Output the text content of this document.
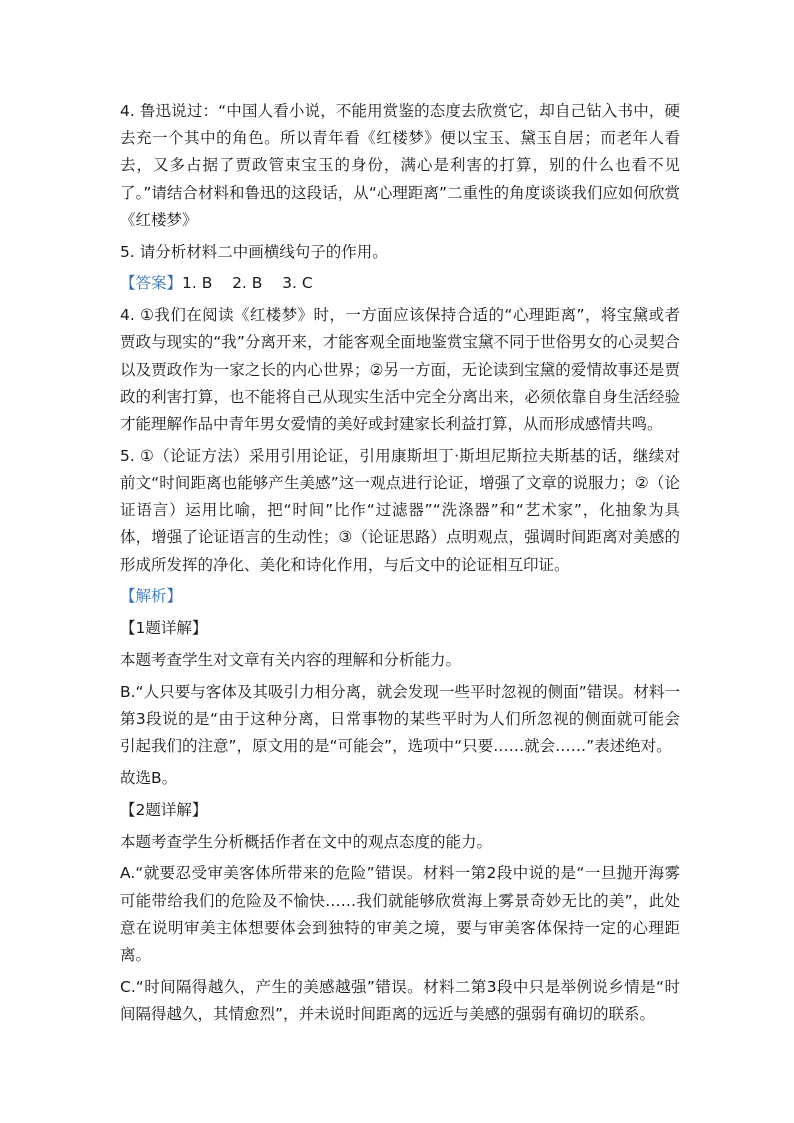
4. 鲁迅说过：“中国人看小说，不能用赏鉴的态度去欣赏它，却自己钻入书中，硬去充一个其中的角色。所以青年看《红楼梦》便以宝玉、黛玉自居；而老年人看去，又多占据了贾政管束宝玉的身份，满心是利害的打算，别的什么也看不见了。”请结合材料和鲁迅的这段话，从“心理距离”二重性的角度谈谈我们应如何欣赏《红楼梦》

5. 请分析材料二中画横线句子的作用。

【答案】1. B    2. B    3. C

4. ①我们在阅读《红楼梦》时，一方面应该保持合适的“心理距离”，将宝黛或者贾政与现实的“我”分离开来，才能客观全面地鉴赏宝黛不同于世俗男女的心灵契合以及贾政作为一家之长的内心世界；②另一方面，无论读到宝黛的爱情故事还是贾政的利害打算，也不能将自己从现实生活中完全分离出来，必须依靠自身生活经验才能理解作品中青年男女爱情的美好或封建家长利益打算，从而形成感情共鸣。

5. ①（论证方法）采用引用论证，引用康斯坦丁·斯坦尼斯拉夫斯基的话，继续对前文“时间距离也能够产生美感”这一观点进行论证，增强了文章的说服力；②（论证语言）运用比喻，把“时间”比作“过滤器”“洗涤器”和“艺术家”，化抽象为具体，增强了论证语言的生动性；③（论证思路）点明观点，强调时间距离对美感的形成所发挥的净化、美化和诗化作用，与后文中的论证相互印证。

【解析】

【1题详解】

本题考查学生对文章有关内容的理解和分析能力。

B.“人只要与客体及其吸引力相分离，就会发现一些平时忽视的侧面”错误。材料一第3段说的是“由于这种分离，日常事物的某些平时为人们所忽视的侧面就可能会引起我们的注意”，原文用的是“可能会”，选项中“只要……就会……”表述绝对。

故选B。

【2题详解】

本题考查学生分析概括作者在文中的观点态度的能力。

A.“就要忍受审美客体所带来的危险”错误。材料一第2段中说的是“一旦抛开海雾可能带给我们的危险及不愉快……我们就能够欣赏海上雾景奇妙无比的美”，此处意在说明审美主体想要体会到独特的审美之境，要与审美客体保持一定的心理距离。

C.“时间隔得越久，产生的美感越强”错误。材料二第3段中只是举例说乡情是“时间隔得越久，其情愈烈”，并未说时间距离的远近与美感的强弱有确切的联系。
